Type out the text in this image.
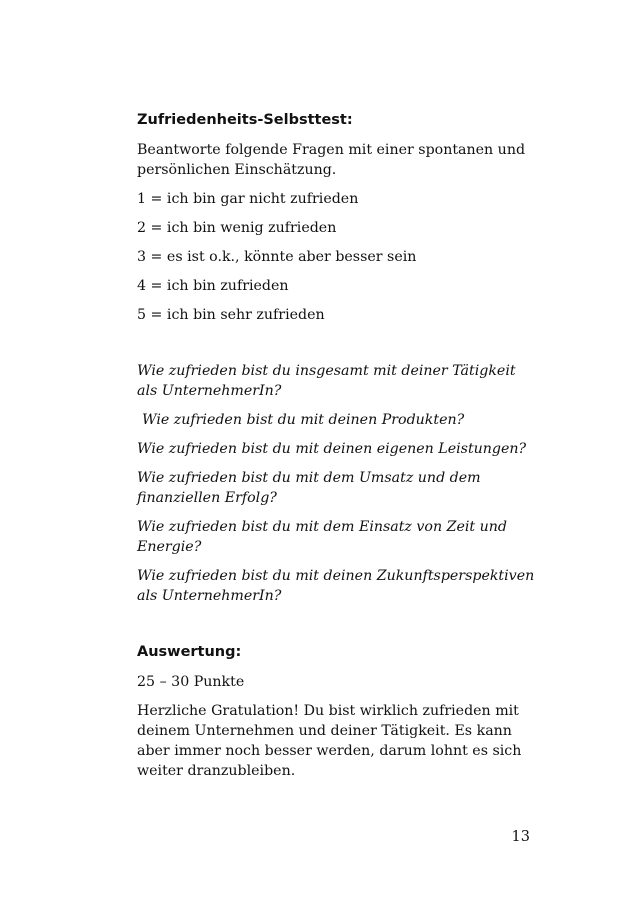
Zufriedenheits-Selbsttest:

Beantworte folgende Fragen mit einer spontanen und persönlichen Einschätzung.

1 = ich bin gar nicht zufrieden

2 = ich bin wenig zufrieden

3 = es ist o.k., könnte aber besser sein

4 = ich bin zufrieden

5 = ich bin sehr zufrieden

Wie zufrieden bist du insgesamt mit deiner Tätigkeit als UnternehmerIn?

Wie zufrieden bist du mit deinen Produkten?

Wie zufrieden bist du mit deinen eigenen Leistungen?

Wie zufrieden bist du mit dem Umsatz und dem finanziellen Erfolg?

Wie zufrieden bist du mit dem Einsatz von Zeit und Energie?

Wie zufrieden bist du mit deinen Zukunftsperspektiven als UnternehmerIn?

Auswertung:

25 – 30 Punkte

Herzliche Gratulation! Du bist wirklich zufrieden mit deinem Unternehmen und deiner Tätigkeit. Es kann aber immer noch besser werden, darum lohnt es sich weiter dranzubleiben.

13
